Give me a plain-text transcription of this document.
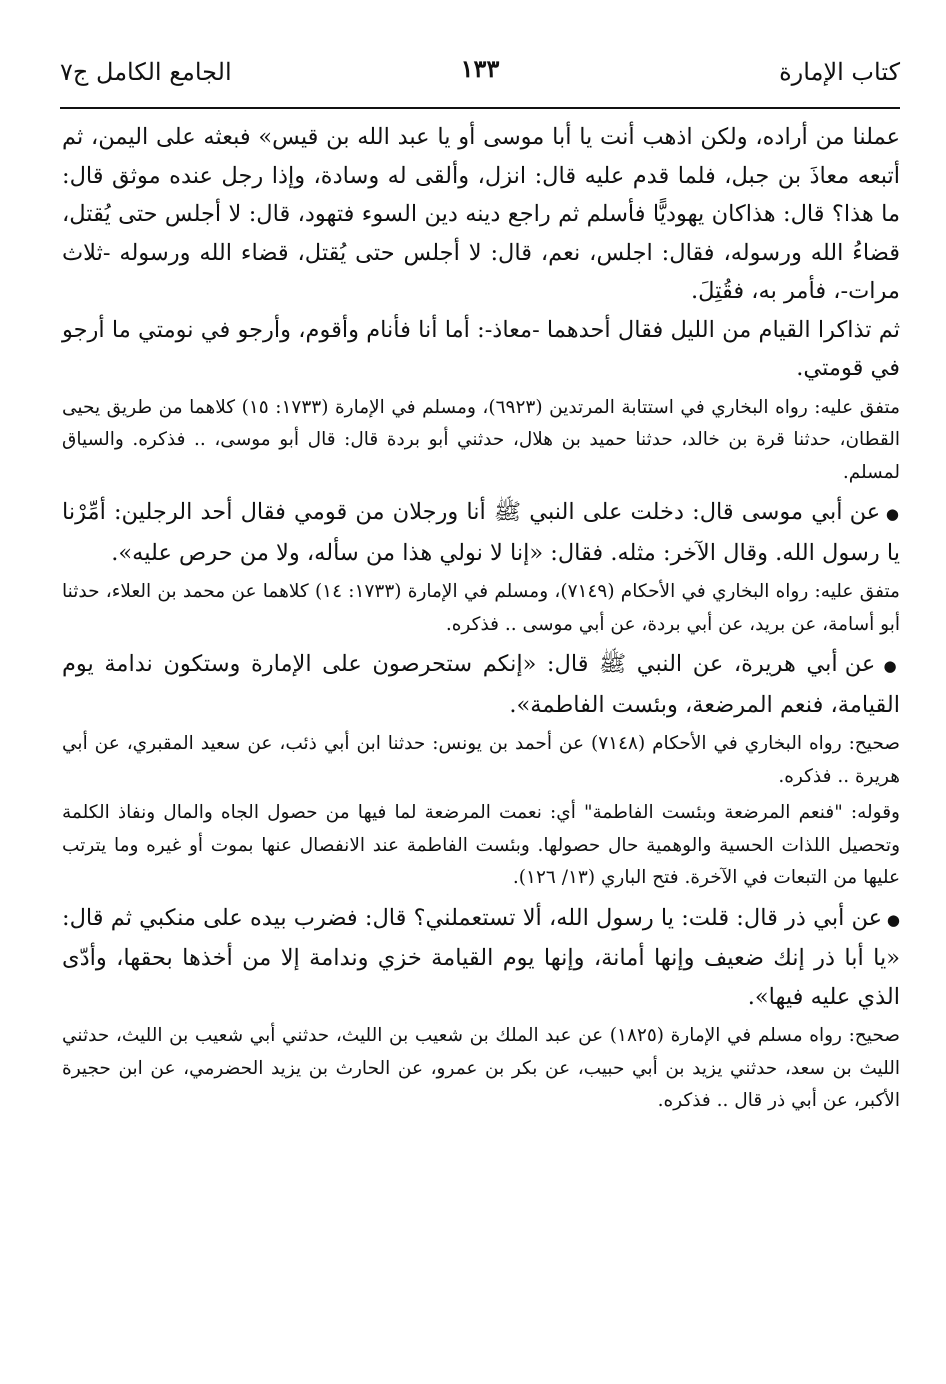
كتاب الإمارة
١٣٣
الجامع الكامل ج٧

عملنا من أراده، ولكن اذهب أنت يا أبا موسى أو يا عبد الله بن قيس» فبعثه على اليمن، ثم أتبعه معاذَ بن جبل، فلما قدم عليه قال: انزل، وألقى له وسادة، وإذا رجل عنده موثق قال: ما هذا؟ قال: هذاكان يهوديًّا فأسلم ثم راجع دينه دين السوء فتهود، قال: لا أجلس حتى يُقتل، قضاءُ الله ورسوله، فقال: اجلس، نعم، قال: لا أجلس حتى يُقتل، قضاء الله ورسوله -ثلاث مرات-، فأمر به، فقُتِلَ.

ثم تذاكرا القيام من الليل فقال أحدهما -معاذ-: أما أنا فأنام وأقوم، وأرجو في نومتي ما أرجو في قومتي.

متفق عليه: رواه البخاري في استتابة المرتدين (٦٩٢٣)، ومسلم في الإمارة (١٧٣٣: ١٥) كلاهما من طريق يحيى القطان، حدثنا قرة بن خالد، حدثنا حميد بن هلال، حدثني أبو بردة قال: قال أبو موسى، .. فذكره. والسياق لمسلم.

● عن أبي موسى قال: دخلت على النبي ﷺ أنا ورجلان من قومي فقال أحد الرجلين: أمِّرْنا يا رسول الله. وقال الآخر: مثله. فقال: «إنا لا نولي هذا من سأله، ولا من حرص عليه».

متفق عليه: رواه البخاري في الأحكام (٧١٤٩)، ومسلم في الإمارة (١٧٣٣: ١٤) كلاهما عن محمد بن العلاء، حدثنا أبو أسامة، عن بريد، عن أبي بردة، عن أبي موسى .. فذكره.

● عن أبي هريرة، عن النبي ﷺ قال: «إنكم ستحرصون على الإمارة وستكون ندامة يوم القيامة، فنعم المرضعة، وبئست الفاطمة».

صحيح: رواه البخاري في الأحكام (٧١٤٨) عن أحمد بن يونس: حدثنا ابن أبي ذئب، عن سعيد المقبري، عن أبي هريرة .. فذكره.

وقوله: "فنعم المرضعة وبئست الفاطمة" أي: نعمت المرضعة لما فيها من حصول الجاه والمال ونفاذ الكلمة وتحصيل اللذات الحسية والوهمية حال حصولها. وبئست الفاطمة عند الانفصال عنها بموت أو غيره وما يترتب عليها من التبعات في الآخرة. فتح الباري (١٣/ ١٢٦).

● عن أبي ذر قال: قلت: يا رسول الله، ألا تستعملني؟ قال: فضرب بيده على منكبي ثم قال: «يا أبا ذر إنك ضعيف وإنها أمانة، وإنها يوم القيامة خزي وندامة إلا من أخذها بحقها، وأدّى الذي عليه فيها».

صحيح: رواه مسلم في الإمارة (١٨٢٥) عن عبد الملك بن شعيب بن الليث، حدثني أبي شعيب بن الليث، حدثني الليث بن سعد، حدثني يزيد بن أبي حبيب، عن بكر بن عمرو، عن الحارث بن يزيد الحضرمي، عن ابن حجيرة الأكبر، عن أبي ذر قال .. فذكره.
